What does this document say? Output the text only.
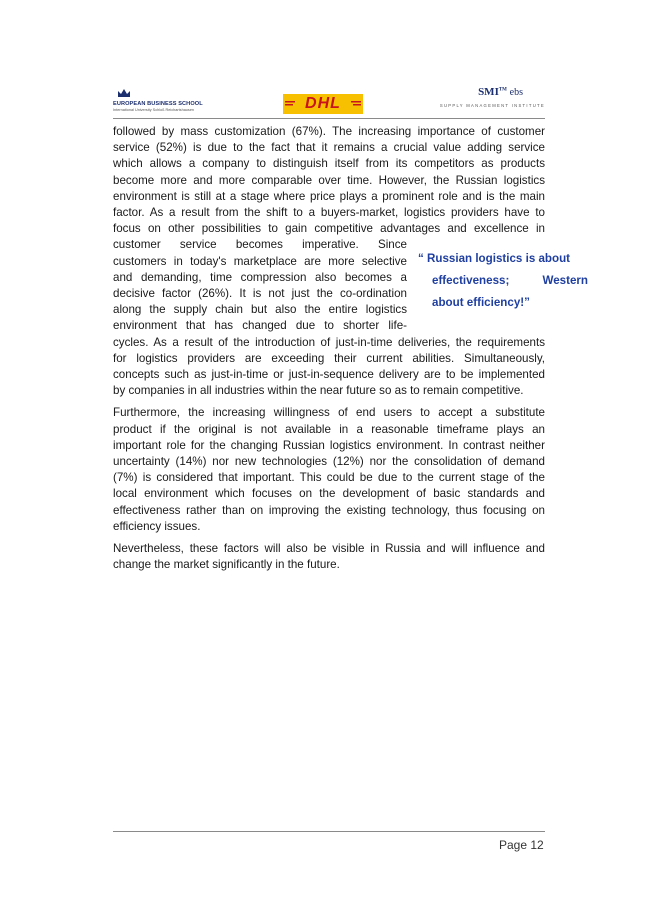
EUROPEAN BUSINESS SCHOOL
International University Schloß Reichartshausen	DHL
SMI™ ebs
SUPPLY MANAGEMENT INSTITUTE
followed by mass customization (67%). The increasing importance of customer
service (52%) is due to the fact that it remains a crucial value adding service
which allows a company to distinguish itself from its competitors as products
become more and more comparable over time. However, the Russian logistics
environment is still at a stage where price plays a prominent role and is the main
factor. As a result from the shift to a buyers-market, logistics providers have to
focus on other possibilities to gain competitive advantages and excellence in
customer service becomes imperative. Since
customers in today's marketplace are more selective
and demanding, time compression also becomes a
decisive factor (26%). It is not just the co-ordination
along the supply chain but also the entire logistics
environment that has changed due to shorter life-
cycles. As a result of the introduction of just-in-time deliveries, the requirements
for logistics providers are exceeding their current abilities. Simultaneously,
concepts such as just-in-time or just-in-sequence delivery are to be implemented
by companies in all industries within the near future so as to remain competitive.
Furthermore, the increasing willingness of end users to accept a substitute
product if the original is not available in a reasonable timeframe plays an
important role for the changing Russian logistics environment. In contrast neither
uncertainty (14%) nor new technologies (12%) nor the consolidation of demand
(7%) is considered that important. This could be due to the current stage of the
local environment which focuses on the development of basic standards and
effectiveness rather than on improving the existing technology, thus focusing on
efficiency issues.
Nevertheless, these factors will also be visible in Russia and will influence and
change the market significantly in the future.
“ Russian logistics is about
effectiveness; Western
about efficiency!”
Page 12
